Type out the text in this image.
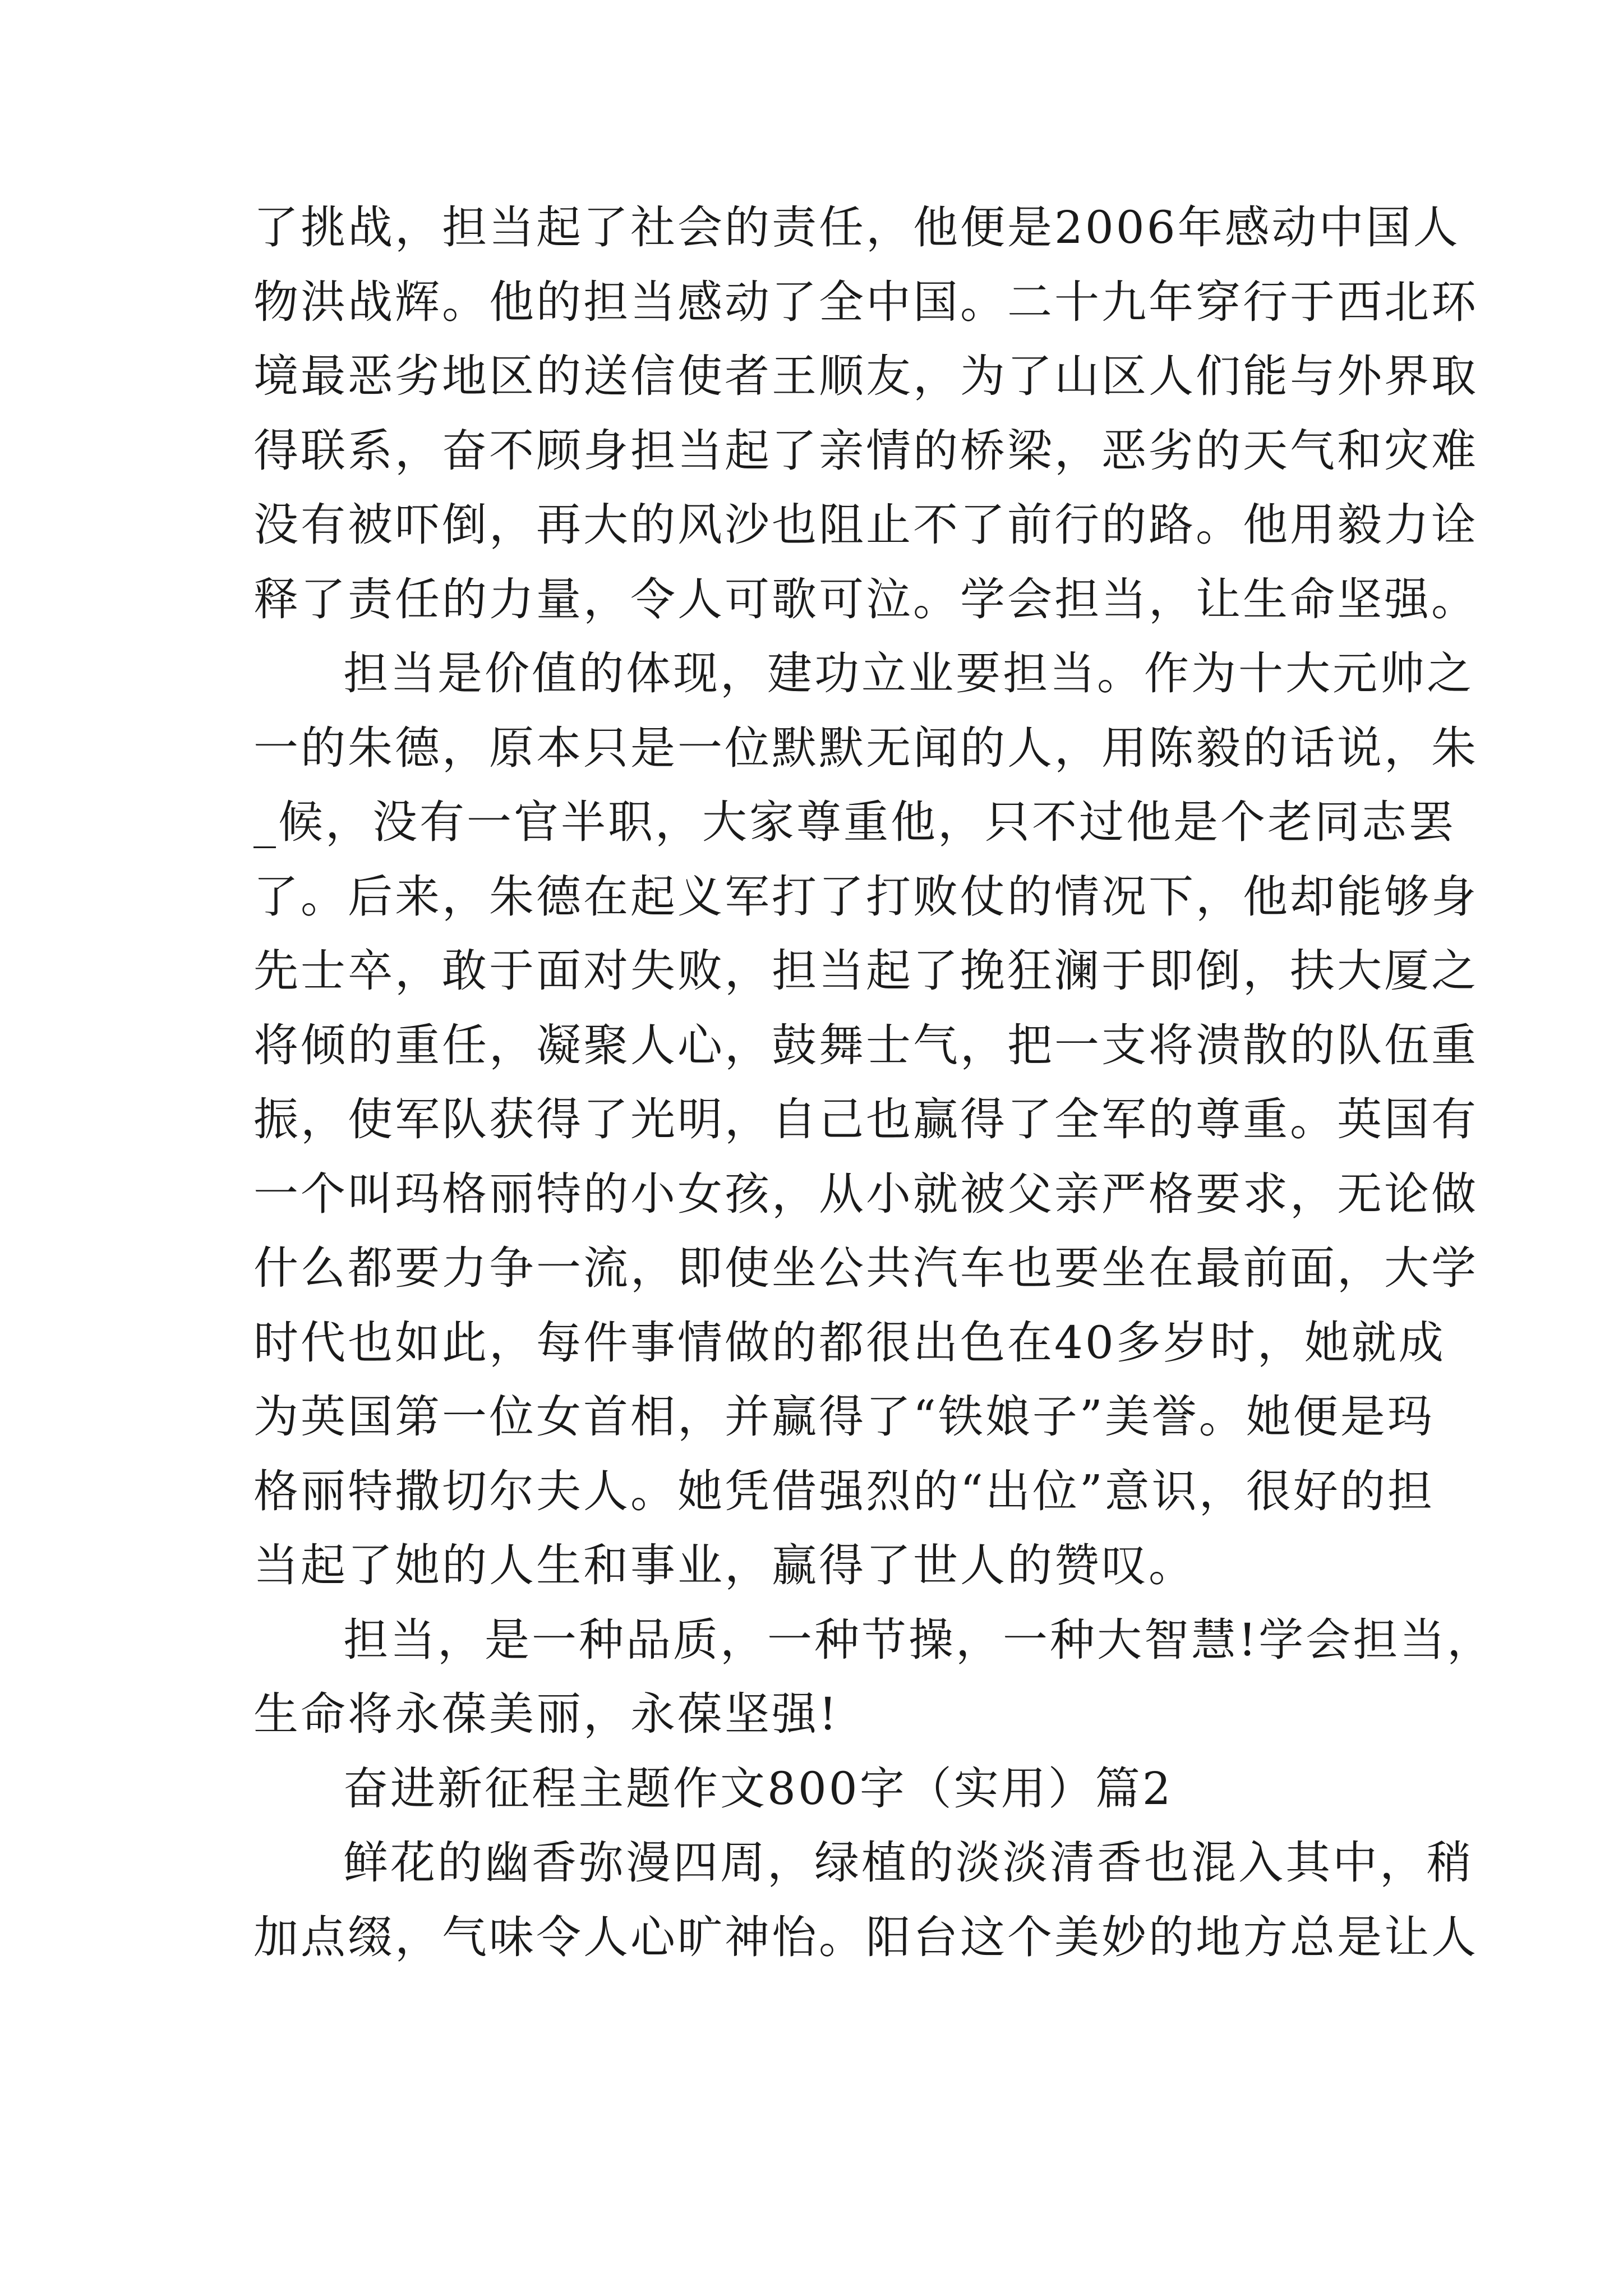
了挑战，担当起了社会的责任，他便是2006年感动中国人
物洪战辉。他的担当感动了全中国。二十九年穿行于西北环
境最恶劣地区的送信使者王顺友，为了山区人们能与外界取
得联系，奋不顾身担当起了亲情的桥梁，恶劣的天气和灾难
没有被吓倒，再大的风沙也阻止不了前行的路。他用毅力诠
释了责任的力量，令人可歌可泣。学会担当，让生命坚强。
担当是价值的体现，建功立业要担当。作为十大元帅之
一的朱德，原本只是一位默默无闻的人，用陈毅的话说，朱
_候，没有一官半职，大家尊重他，只不过他是个老同志罢
了。后来，朱德在起义军打了打败仗的情况下，他却能够身
先士卒，敢于面对失败，担当起了挽狂澜于即倒，扶大厦之
将倾的重任，凝聚人心，鼓舞士气，把一支将溃散的队伍重
振，使军队获得了光明，自己也赢得了全军的尊重。英国有
一个叫玛格丽特的小女孩，从小就被父亲严格要求，无论做
什么都要力争一流，即使坐公共汽车也要坐在最前面，大学
时代也如此，每件事情做的都很出色在40多岁时，她就成
为英国第一位女首相，并赢得了“铁娘子”美誉。她便是玛
格丽特撒切尔夫人。她凭借强烈的“出位”意识，很好的担
当起了她的人生和事业，赢得了世人的赞叹。
担当，是一种品质，一种节操，一种大智慧!学会担当，
生命将永葆美丽，永葆坚强!
奋进新征程主题作文800字（实用）篇2
鲜花的幽香弥漫四周，绿植的淡淡清香也混入其中，稍
加点缀，气味令人心旷神怡。阳台这个美妙的地方总是让人
